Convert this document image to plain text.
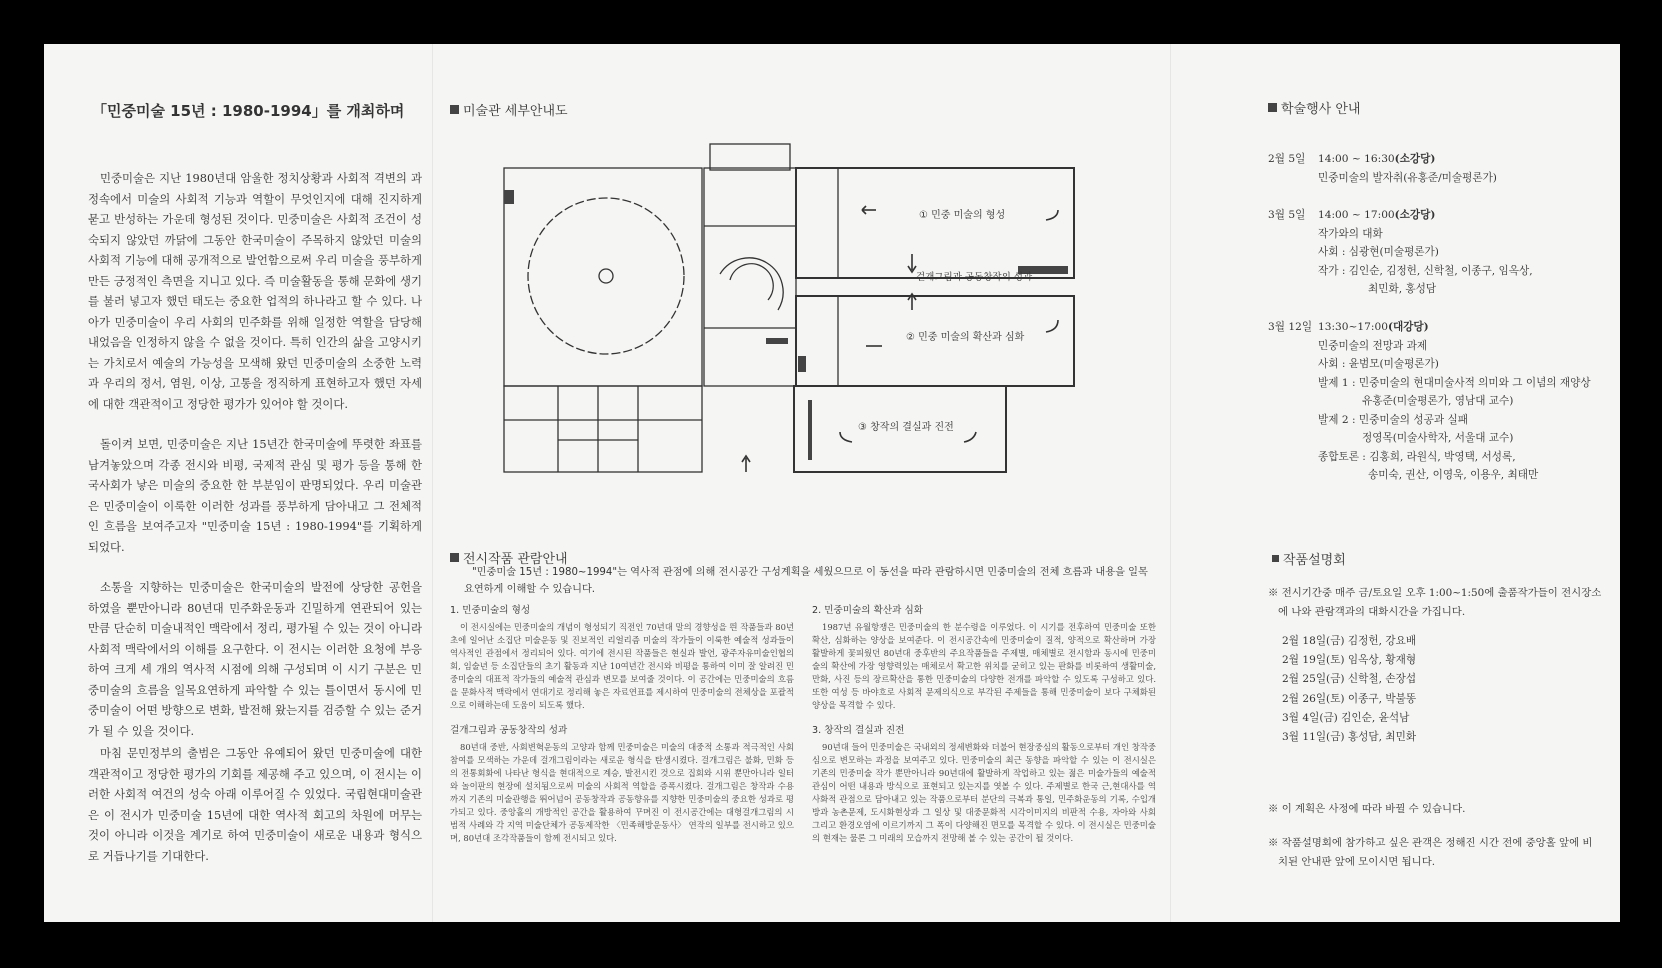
「민중미술 15년 : 1980-1994」를 개최하며

민중미술은 지난 1980년대 암울한 정치상황과 사회적 격변의 과정속에서 미술의 사회적 기능과 역할이 무엇인지에 대해 진지하게 묻고 반성하는 가운데 형성된 것이다. 민중미술은 사회적 조건이 성숙되지 않았던 까닭에 그동안 한국미술이 주목하지 않았던 미술의 사회적 기능에 대해 공개적으로 발언함으로써 우리 미술을 풍부하게 만든 긍정적인 측면을 지니고 있다. 즉 미술활동을 통해 문화에 생기를 불러 넣고자 했던 태도는 중요한 업적의 하나라고 할 수 있다. 나아가 민중미술이 우리 사회의 민주화를 위해 일정한 역할을 담당해내었음을 인정하지 않을 수 없을 것이다. 특히 인간의 삶을 고양시키는 가치로서 예술의 가능성을 모색해 왔던 민중미술의 소중한 노력과 우리의 정서, 염원, 이상, 고통을 정직하게 표현하고자 했던 자세에 대한 객관적이고 정당한 평가가 있어야 할 것이다.

돌이켜 보면, 민중미술은 지난 15년간 한국미술에 뚜렷한 좌표를 남겨놓았으며 각종 전시와 비평, 국제적 관심 및 평가 등을 통해 한국사회가 낳은 미술의 중요한 한 부분임이 판명되었다. 우리 미술관은 민중미술이 이룩한 이러한 성과를 풍부하게 담아내고 그 전체적인 흐름을 보여주고자 "민중미술 15년 : 1980-1994"를 기획하게 되었다.

소통을 지향하는 민중미술은 한국미술의 발전에 상당한 공헌을 하였을 뿐만아니라 80년대 민주화운동과 긴밀하게 연관되어 있는 만큼 단순히 미술내적인 맥락에서 정리, 평가될 수 있는 것이 아니라 사회적 맥락에서의 이해를 요구한다. 이 전시는 이러한 요청에 부응하여 크게 세 개의 역사적 시점에 의해 구성되며 이 시기 구분은 민중미술의 흐름을 일목요연하게 파악할 수 있는 틀이면서 동시에 민중미술이 어떤 방향으로 변화, 발전해 왔는지를 검증할 수 있는 준거가 될 수 있을 것이다.

마침 문민정부의 출범은 그동안 유예되어 왔던 민중미술에 대한 객관적이고 정당한 평가의 기회를 제공해 주고 있으며, 이 전시는 이러한 사회적 여건의 성숙 아래 이루어질 수 있었다. 국립현대미술관은 이 전시가 민중미술 15년에 대한 역사적 회고의 차원에 머무는 것이 아니라 이것을 계기로 하여 민중미술이 새로운 내용과 형식으로 거듭나기를 기대한다.

미술관 세부안내도
① 민중 미술의 형성
걸개그림과 공동창작의 성과
② 민중 미술의 확산과 심화
③ 창작의 결실과 진전
전시작품 관람안내

"민중미술 15년 : 1980~1994"는 역사적 관점에 의해 전시공간 구성계획을 세웠으므로 이 동선을 따라 관람하시면 민중미술의 전체 흐름과 내용을 일목요연하게 이해할 수 있습니다.

1. 민중미술의 형성

이 전시실에는 민중미술의 개념이 형성되기 직전인 70년대 말의 경향성을 띈 작품들과 80년 초에 일어난 소집단 미술운동 및 진보적인 리얼리즘 미술의 작가들이 이룩한 예술적 성과들이 역사적인 관점에서 정리되어 있다. 여기에 전시된 작품들은 현실과 발언, 광주자유미술인협의회, 임술년 등 소집단들의 초기 활동과 지난 10여년간 전시와 비평을 통하여 이미 잘 알려진 민중미술의 대표적 작가들의 예술적 관심과 변모를 보여줄 것이다. 이 공간에는 민중미술의 흐름을 문화사적 맥락에서 연대기로 정리해 놓은 자료연표를 제시하여 민중미술의 전체상을 포괄적으로 이해하는데 도움이 되도록 했다.

걸개그림과 공동창작의 성과

80년대 중반, 사회변혁운동의 고양과 함께 민중미술은 미술의 대중적 소통과 적극적인 사회참여를 모색하는 가운데 걸개그림이라는 새로운 형식을 탄생시켰다. 걸개그림은 불화, 민화 등의 전통회화에 나타난 형식을 현대적으로 계승, 발전시킨 것으로 집회와 시위 뿐만아니라 일터와 놀이판의 현장에 설치됨으로써 미술의 사회적 역할을 증폭시켰다. 걸개그림은 창작과 수용까지 기존의 미술관행을 뛰어넘어 공동창작과 공동향유를 지향한 민중미술의 중요한 성과로 평가되고 있다. 중앙홀의 개방적인 공간을 활용하여 꾸며진 이 전시공간에는 대형걸개그림의 시범적 사례와 각 지역 미술단체가 공동제작한 〈민족해방운동사〉 연작의 일부를 전시하고 있으며, 80년대 조각작품들이 함께 전시되고 있다.

2. 민중미술의 확산과 심화

1987년 유월항쟁은 민중미술의 한 분수령을 이루었다. 이 시기를 전후하여 민중미술 또한 확산, 심화하는 양상을 보여준다. 이 전시공간속에 민중미술이 질적, 양적으로 확산하며 가장 활발하게 꽃피웠던 80년대 중후반의 주요작품들을 주제별, 매체별로 전시함과 동시에 민중미술의 확산에 가장 영향력있는 매체로서 확고한 위치를 굳히고 있는 판화를 비롯하여 생활미술, 만화, 사진 등의 장르확산을 통한 민중미술의 다양한 전개를 파악할 수 있도록 구성하고 있다. 또한 여성 등 바야흐로 사회적 문제의식으로 부각된 주제들을 통해 민중미술이 보다 구체화된 양상을 목격할 수 있다.

3. 창작의 결실과 진전

90년대 들어 민중미술은 국내외의 정세변화와 더불어 현장중심의 활동으로부터 개인 창작중심으로 변모하는 과정을 보여주고 있다. 민중미술의 최근 동향을 파악할 수 있는 이 전시실은 기존의 민중미술 작가 뿐만아니라 90년대에 활발하게 작업하고 있는 젊은 미술가들의 예술적 관심이 어떤 내용과 방식으로 표현되고 있는지를 엿볼 수 있다. 주제별로 한국 근,현대사를 역사화적 관점으로 담아내고 있는 작품으로부터 분단의 극복과 통일, 민주화운동의 기록, 수입개방과 농촌문제, 도시화현상과 그 일상 및 대중문화적 시각이미지의 비판적 수용, 자아와 사회 그리고 환경오염에 이르기까지 그 폭이 다양해진 면모를 목격할 수 있다. 이 전시실은 민중미술의 현재는 물론 그 미래의 모습까지 전망해 볼 수 있는 공간이 될 것이다.

학술행사 안내
2월 5일 14:00 ~ 16:30(소강당)
민중미술의 발자취(유홍준/미술평론가)
3월 5일 14:00 ~ 17:00(소강당)
작가와의 대화
사회 : 심광현(미술평론가)
작가 : 김인순, 김정헌, 신학철, 이종구, 임옥상,
최민화, 홍성담
3월 12일 13:30~17:00(대강당)
민중미술의 전망과 과제
사회 : 윤범모(미술평론가)
발제 1 : 민중미술의 현대미술사적 의미와 그 이념의 재양상
유홍준(미술평론가, 영남대 교수)
발제 2 : 민중미술의 성공과 실패
정영목(미술사학자, 서울대 교수)
종합토론 : 김홍희, 라원식, 박영택, 서성록,
송미숙, 권산, 이영욱, 이용우, 최태만
작품설명회

※ 전시기간중 매주 금/토요일 오후 1:00~1:50에 출품작가들이 전시장소에 나와 관람객과의 대화시간을 가집니다.

2월 18일(금) 김정헌, 강요배
2월 19일(토) 임옥상, 황재형
2월 25일(금) 신학철, 손장섭
2월 26일(토) 이종구, 박불똥
3월 4일(금) 김인순, 윤석남
3월 11일(금) 홍성담, 최민화

※ 이 계획은 사정에 따라 바뀔 수 있습니다.

※ 작품설명회에 참가하고 싶은 관객은 정해진 시간 전에 중앙홀 앞에 비치된 안내판 앞에 모이시면 됩니다.
